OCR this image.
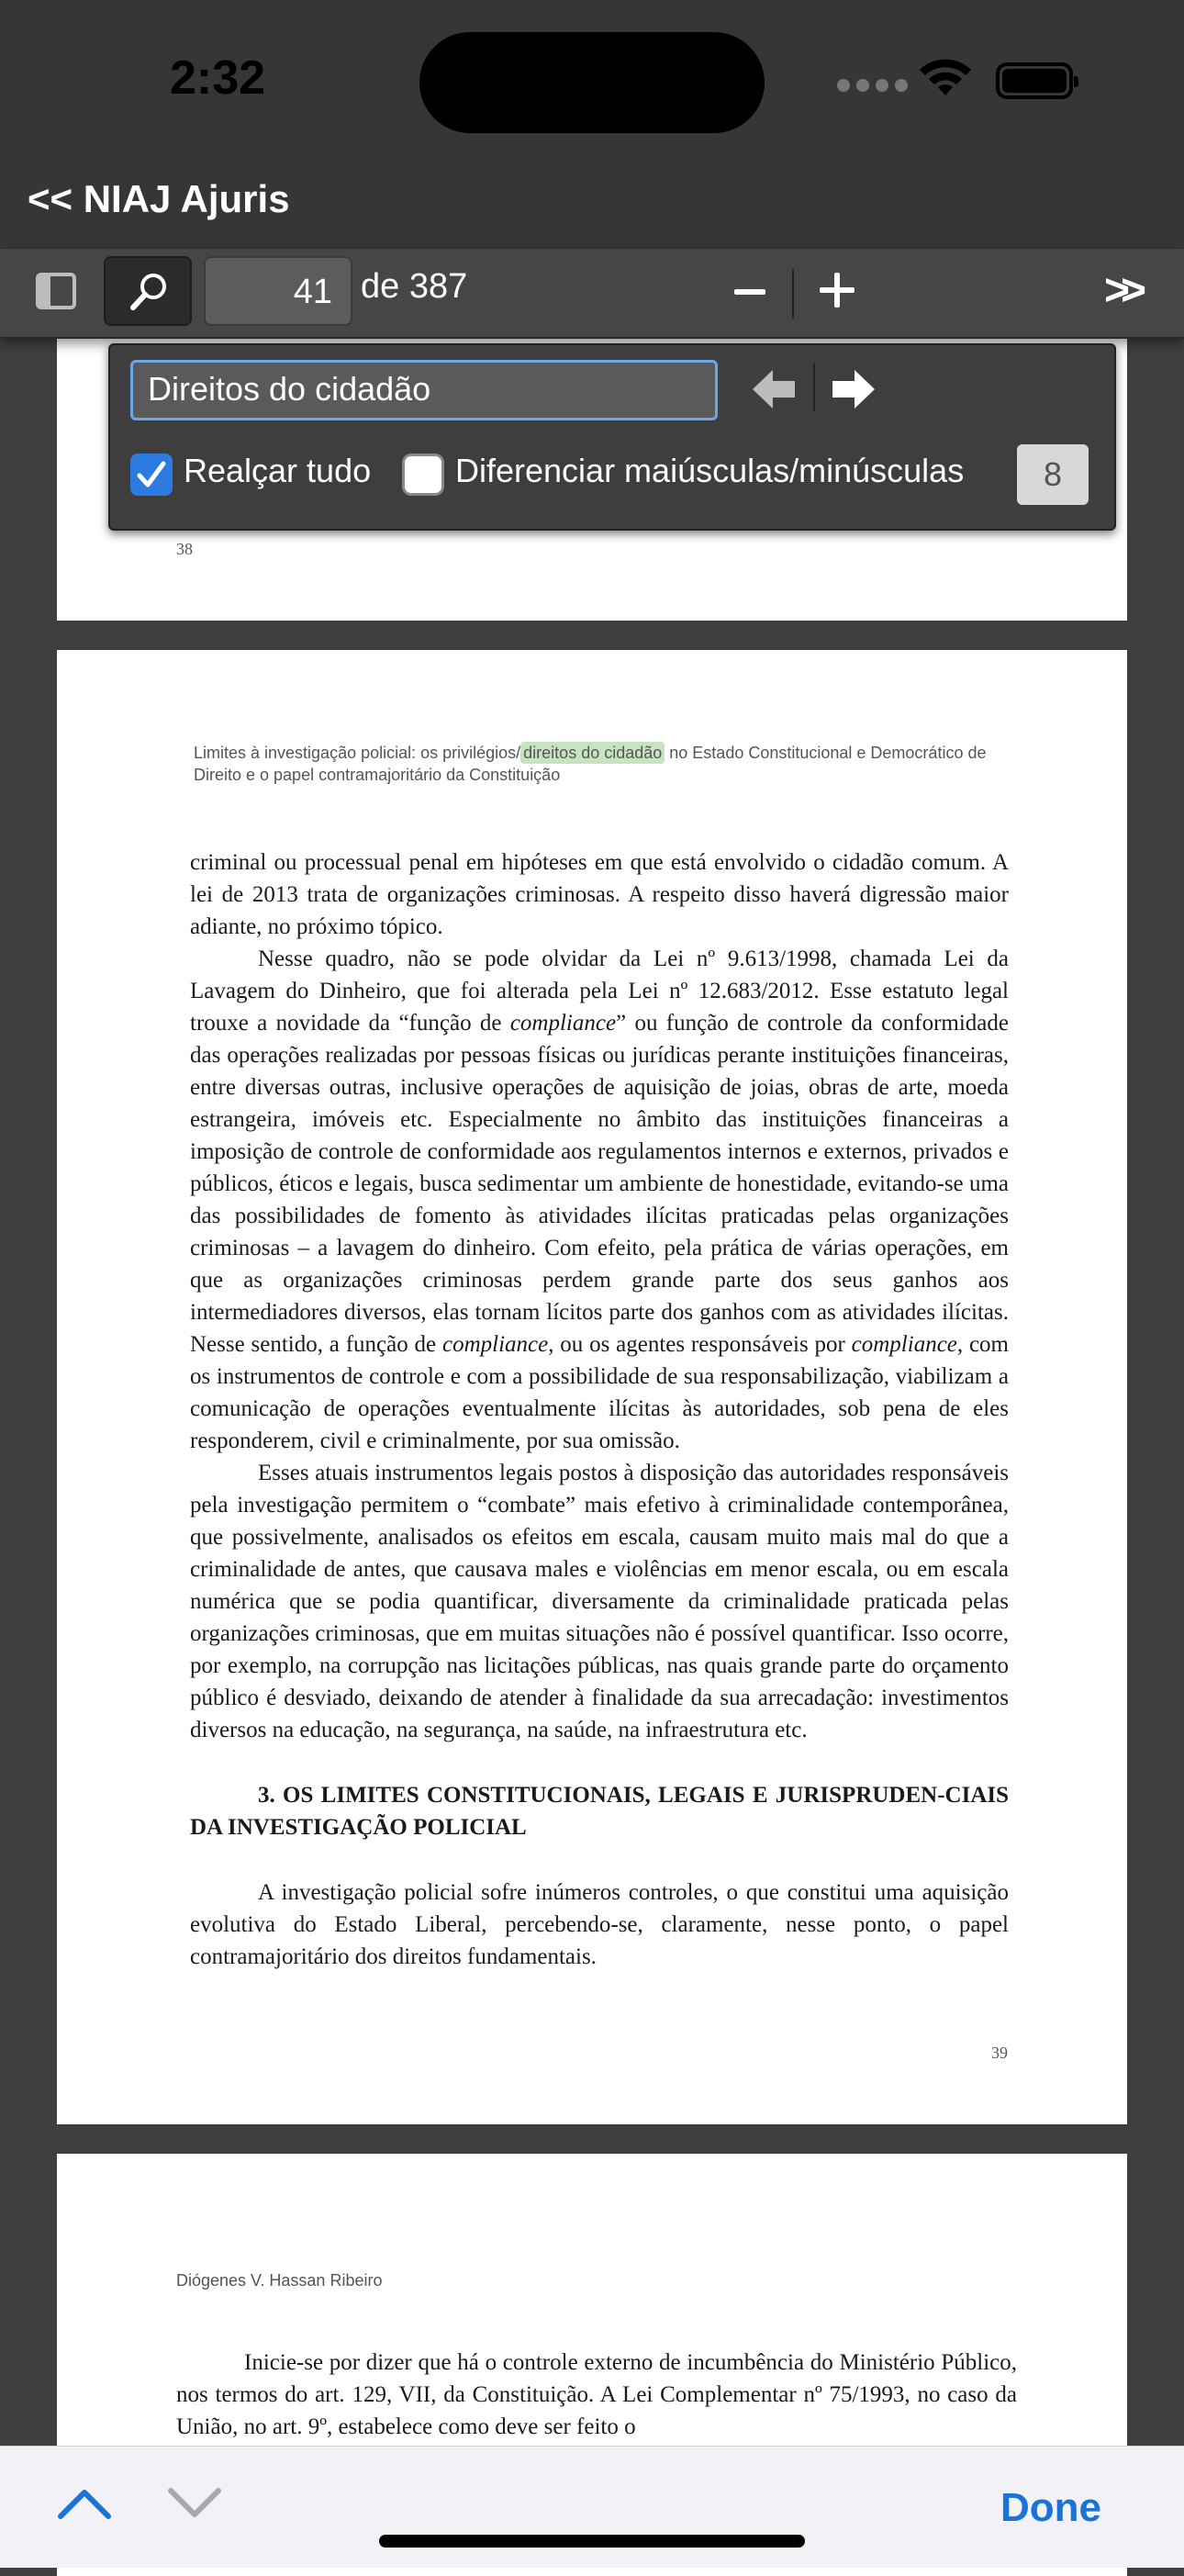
2:32
<< NIAJ Ajuris
41 de 387	>>
Direitos do cidadão
Realçar tudo	Diferenciar maiúsculas/minúsculas	8
38
Limites à investigação policial: os privilégios/ direitos do cidadão no Estado Constitucional e Democrático de Direito e o papel contramajoritário da Constituição

criminal ou processual penal em hipóteses em que está envolvido o cidadão comum. A lei de 2013 trata de organizações criminosas. A respeito disso haverá digressão maior adiante, no próximo tópico.

Nesse quadro, não se pode olvidar da Lei nº 9.613/1998, chamada Lei da Lavagem do Dinheiro, que foi alterada pela Lei nº 12.683/2012. Esse estatuto legal trouxe a novidade da “função de compliance” ou função de controle da conformidade das operações realizadas por pessoas físicas ou jurídicas perante instituições financeiras, entre diversas outras, inclusive operações de aquisição de joias, obras de arte, moeda estrangeira, imóveis etc. Especialmente no âmbito das instituições financeiras a imposição de controle de conformidade aos regulamentos internos e externos, privados e públicos, éticos e legais, busca sedimentar um ambiente de honestidade, evitando-se uma das possibilidades de fomento às atividades ilícitas praticadas pelas organizações criminosas – a lavagem do dinheiro. Com efeito, pela prática de várias operações, em que as organizações criminosas perdem grande parte dos seus ganhos aos intermediadores diversos, elas tornam lícitos parte dos ganhos com as atividades ilícitas. Nesse sentido, a função de compliance, ou os agentes responsáveis por compliance, com os instrumentos de controle e com a possibilidade de sua responsabilização, viabilizam a comunicação de operações eventualmente ilícitas às autoridades, sob pena de eles responderem, civil e criminalmente, por sua omissão.

Esses atuais instrumentos legais postos à disposição das autoridades responsáveis pela investigação permitem o “combate” mais efetivo à criminalidade contemporânea, que possivelmente, analisados os efeitos em escala, causam muito mais mal do que a criminalidade de antes, que causava males e violências em menor escala, ou em escala numérica que se podia quantificar, diversamente da criminalidade praticada pelas organizações criminosas, que em muitas situações não é possível quantificar. Isso ocorre, por exemplo, na corrupção nas licitações públicas, nas quais grande parte do orçamento público é desviado, deixando de atender à finalidade da sua arrecadação: investimentos diversos na educação, na segurança, na saúde, na infraestrutura etc.

3. OS LIMITES CONSTITUCIONAIS, LEGAIS E JURISPRUDEN-CIAIS DA INVESTIGAÇÃO POLICIAL

A investigação policial sofre inúmeros controles, o que constitui uma aquisição evolutiva do Estado Liberal, percebendo-se, claramente, nesse ponto, o papel contramajoritário dos direitos fundamentais.

39
Diógenes V. Hassan Ribeiro

Inicie-se por dizer que há o controle externo de incumbência do Ministério Público, nos termos do art. 129, VII, da Constituição. A Lei Complementar nº 75/1993, no caso da União, no art. 9º, estabelece como deve ser feito o

Done
